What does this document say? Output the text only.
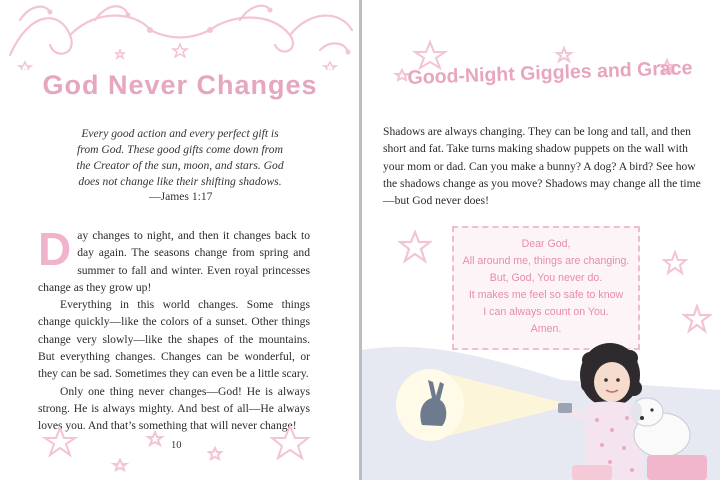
God Never Changes
Every good action and every perfect gift is
from God. These good gifts come down from
the Creator of the sun, moon, and stars. God
does not change like their shifting shadows.
—James 1:17

Day changes to night, and then it changes back to day again. The seasons change from spring and summer to fall and winter. Even royal princesses change as they grow up!

Everything in this world changes. Some things change quickly—like the colors of a sunset. Other things change very slowly—like the shapes of the mountains. But everything changes. Changes can be wonderful, or they can be sad. Sometimes they can even be a little scary.

Only one thing never changes—God! He is always strong. He is always mighty. And best of all—He always loves you. And that’s something that will never change!

10
Good-Night Giggles and Grace
Shadows are always changing. They can be long and tall, and then short and fat. Take turns making shadow puppets on the wall with your mom or dad. Can you make a bunny? A dog? A bird? See how the shadows change as you move? Shadows may change all the time—but God never does!
Dear God,
All around me, things are changing.
But, God, You never do.
It makes me feel so safe to know
I can always count on You.
Amen.
